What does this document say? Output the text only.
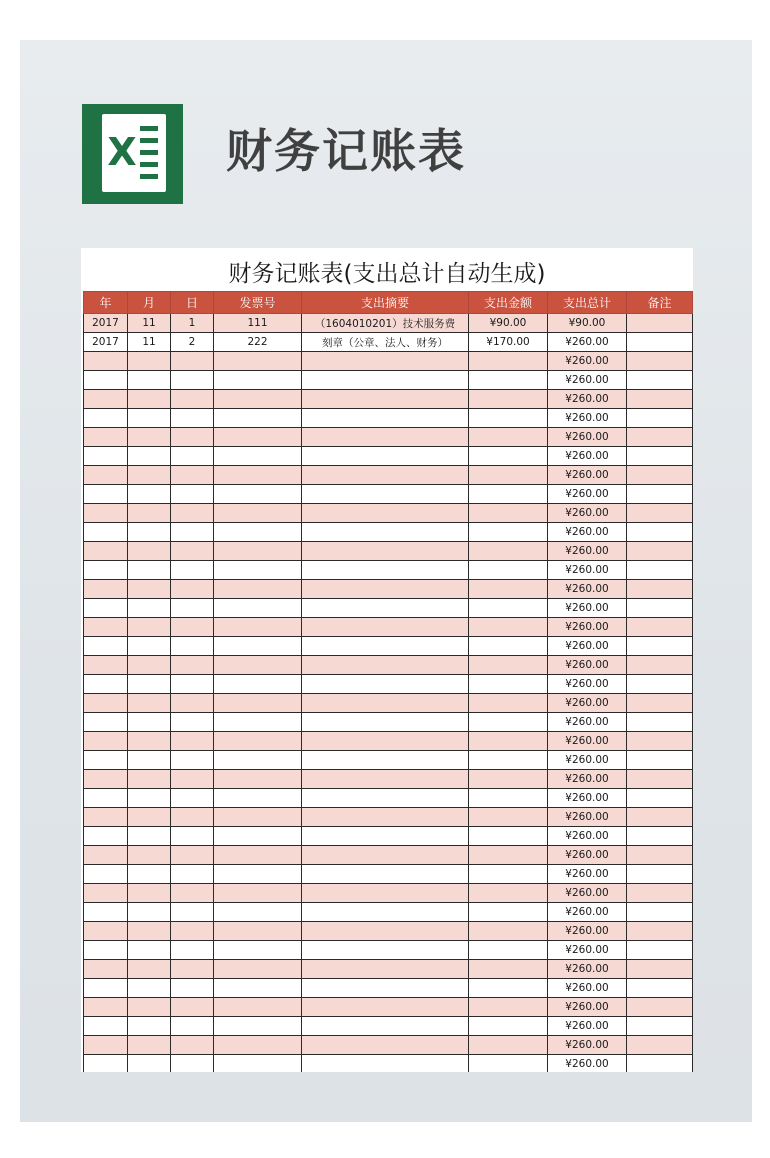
X 财务记账表
财务记账表(支出总计自动生成)
年	月	日	发票号	支出摘要	支出金额	支出总计	备注
2017	11	1	111	（1604010201）技术服务费	¥90.00	¥90.00	
2017	11	2	222	刻章（公章、法人、财务）	¥170.00	¥260.00	
						¥260.00	
						¥260.00	
						¥260.00	
						¥260.00	
						¥260.00	
						¥260.00	
						¥260.00	
						¥260.00	
						¥260.00	
						¥260.00	
						¥260.00	
						¥260.00	
						¥260.00	
						¥260.00	
						¥260.00	
						¥260.00	
						¥260.00	
						¥260.00	
						¥260.00	
						¥260.00	
						¥260.00	
						¥260.00	
						¥260.00	
						¥260.00	
						¥260.00	
						¥260.00	
						¥260.00	
						¥260.00	
						¥260.00	
						¥260.00	
						¥260.00	
						¥260.00	
						¥260.00	
						¥260.00	
						¥260.00	
						¥260.00	
						¥260.00	
						¥260.00	
